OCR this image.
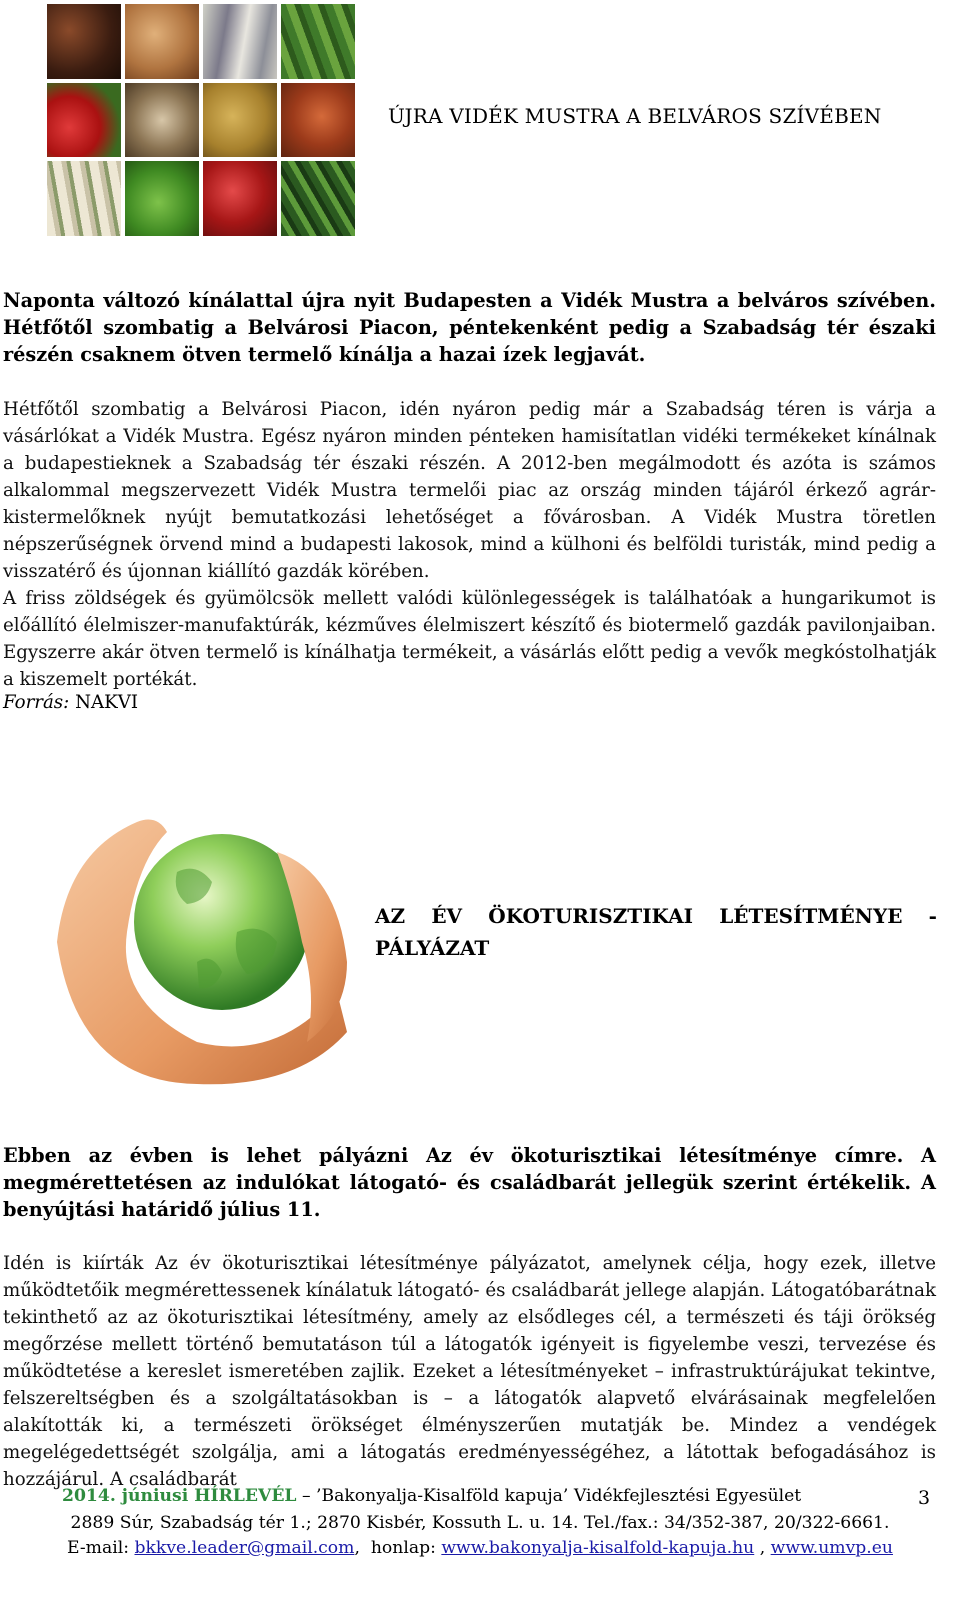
ÚJRA VIDÉK MUSTRA A BELVÁROS SZÍVÉBEN

Naponta változó kínálattal újra nyit Budapesten a Vidék Mustra a belváros szívében. Hétfőtől szombatig a Belvárosi Piacon, péntekenként pedig a Szabadság tér északi részén csaknem ötven termelő kínálja a hazai ízek legjavát.

Hétfőtől szombatig a Belvárosi Piacon, idén nyáron pedig már a Szabadság téren is várja a vásárlókat a Vidék Mustra. Egész nyáron minden pénteken hamisítatlan vidéki termékeket kínálnak a budapestieknek a Szabadság tér északi részén. A 2012-ben megálmodott és azóta is számos alkalommal megszervezett Vidék Mustra termelői piac az ország minden tájáról érkező agrár-kistermelőknek nyújt bemutatkozási lehetőséget a fővárosban. A Vidék Mustra töretlen népszerűségnek örvend mind a budapesti lakosok, mind a külhoni és belföldi turisták, mind pedig a visszatérő és újonnan kiállító gazdák körében.
A friss zöldségek és gyümölcsök mellett valódi különlegességek is találhatóak a hungarikumot is előállító élelmiszer-manufaktúrák, kézműves élelmiszert készítő és biotermelő gazdák pavilonjaiban. Egyszerre akár ötven termelő is kínálhatja termékeit, a vásárlás előtt pedig a vevők megkóstolhatják a kiszemelt portékát.
Forrás: NAKVI
AZ ÉV ÖKOTURISZTIKAI LÉTESÍTMÉNYE - PÁLYÁZAT

Ebben az évben is lehet pályázni Az év ökoturisztikai létesítménye címre. A megmérettetésen az indulókat látogató- és családbarát jellegük szerint értékelik. A benyújtási határidő július 11.

Idén is kiírták Az év ökoturisztikai létesítménye pályázatot, amelynek célja, hogy ezek, illetve működtetőik megmérettessenek kínálatuk látogató- és családbarát jellege alapján. Látogatóbarátnak tekinthető az az ökoturisztikai létesítmény, amely az elsődleges cél, a természeti és táji örökség megőrzése mellett történő bemutatáson túl a látogatók igényeit is figyelembe veszi, tervezése és működtetése a kereslet ismeretében zajlik. Ezeket a létesítményeket – infrastruktúrájukat tekintve, felszereltségben és a szolgáltatásokban is – a látogatók alapvető elvárásainak megfelelően alakították ki, a természeti örökséget élményszerűen mutatják be. Mindez a vendégek megelégedettségét szolgálja, ami a látogatás eredményességéhez, a látottak befogadásához is hozzájárul. A családbarát

2014. júniusi HÍRLEVÉL – ’Bakonyalja-Kisalföld kapuja’ Vidékfejlesztési Egyesület	3
2889 Súr, Szabadság tér 1.; 2870 Kisbér, Kossuth L. u. 14. Tel./fax.: 34/352-387, 20/322-6661.
E-mail: bkkve.leader@gmail.com, honlap: www.bakonyalja-kisalfold-kapuja.hu , www.umvp.eu
